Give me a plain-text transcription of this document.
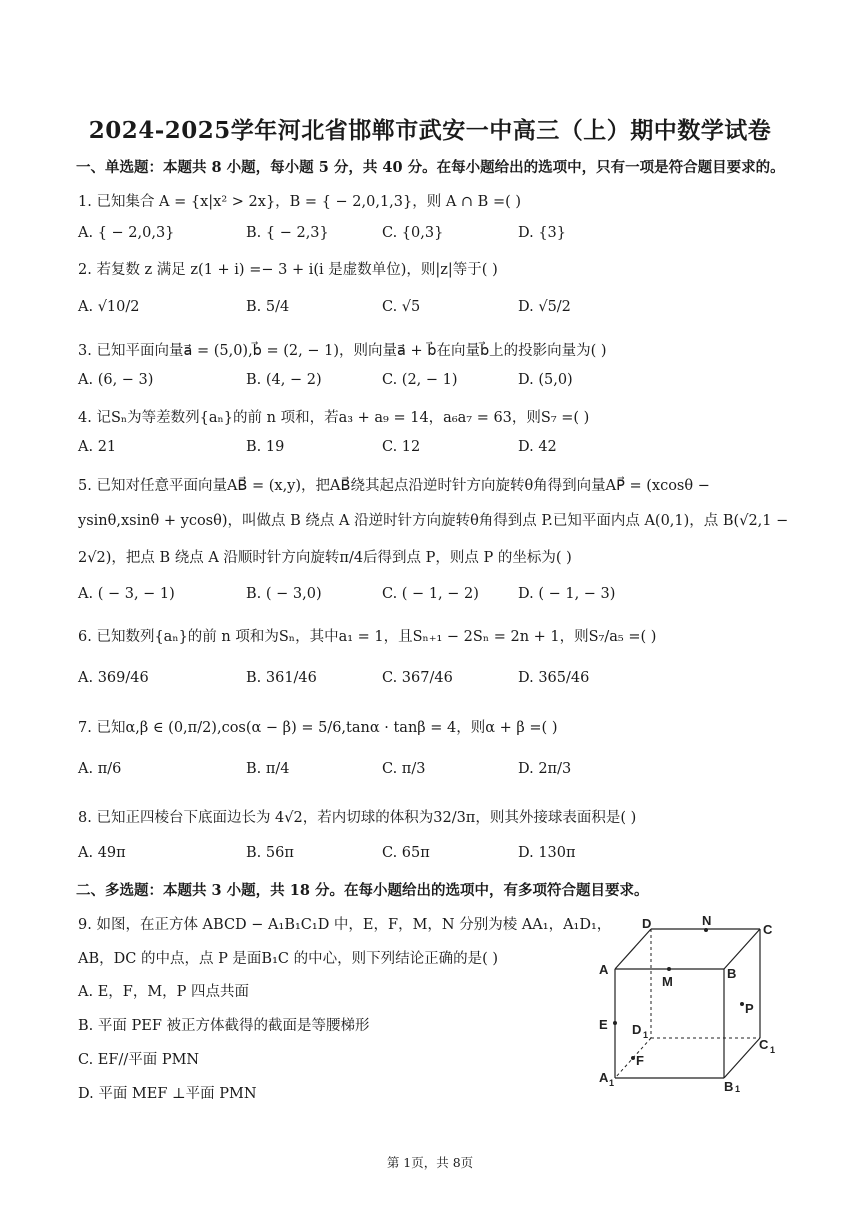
2024-2025学年河北省邯郸市武安一中高三（上）期中数学试卷
一、单选题：本题共 8 小题，每小题 5 分，共 40 分。在每小题给出的选项中，只有一项是符合题目要求的。
1. 已知集合 A = {x|x² > 2x}，B = { − 2,0,1,3}，则 A ∩ B =( )
A. { − 2,0,3}	B. { − 2,3}	C. {0,3}	D. {3}
2. 若复数 z 满足 z(1 + i) =− 3 + i(i 是虚数单位)，则|z|等于( )
A. √10/2	B. 5/4	C. √5	D. √5/2
3. 已知平面向量a⃗ = (5,0),b⃗ = (2, − 1)，则向量a⃗ + b⃗在向量b⃗上的投影向量为( )
A. (6, − 3)	B. (4, − 2)	C. (2, − 1)	D. (5,0)
4. 记Sₙ为等差数列{aₙ}的前 n 项和，若a₃ + a₉ = 14，a₆a₇ = 63，则S₇ =( )
A. 21	B. 19	C. 12	D. 42
5. 已知对任意平面向量AB⃗ = (x,y)，把AB⃗绕其起点沿逆时针方向旋转θ角得到向量AP⃗ = (xcosθ −
ysinθ,xsinθ + ycosθ)，叫做点 B 绕点 A 沿逆时针方向旋转θ角得到点 P.已知平面内点 A(0,1)，点 B(√2,1 −
2√2)，把点 B 绕点 A 沿顺时针方向旋转π/4后得到点 P，则点 P 的坐标为( )
A. ( − 3, − 1)	B. ( − 3,0)	C. ( − 1, − 2)	D. ( − 1, − 3)
6. 已知数列{aₙ}的前 n 项和为Sₙ，其中a₁ = 1，且Sₙ₊₁ − 2Sₙ = 2n + 1，则S₇/a₅ =( )
A. 369/46	B. 361/46	C. 367/46	D. 365/46
7. 已知α,β ∈ (0,π/2),cos(α − β) = 5/6,tanα · tanβ = 4，则α + β =( )
A. π/6	B. π/4	C. π/3	D. 2π/3
8. 已知正四棱台下底面边长为 4√2，若内切球的体积为32/3π，则其外接球表面积是( )
A. 49π	B. 56π	C. 65π	D. 130π
二、多选题：本题共 3 小题，共 18 分。在每小题给出的选项中，有多项符合题目要求。
9. 如图，在正方体 ABCD − A₁B₁C₁D 中，E，F，M，N 分别为棱 AA₁，A₁D₁，
AB，DC 的中点，点 P 是面B₁C 的中心，则下列结论正确的是( )
A. E，F，M，P 四点共面
B. 平面 PEF 被正方体截得的截面是等腰梯形
C. EF//平面 PMN
D. 平面 MEF ⊥平面 PMN
D	N
C
A
M
B
P
E D 1
F
C 1
A 1	B 1
第 1页，共 8页
